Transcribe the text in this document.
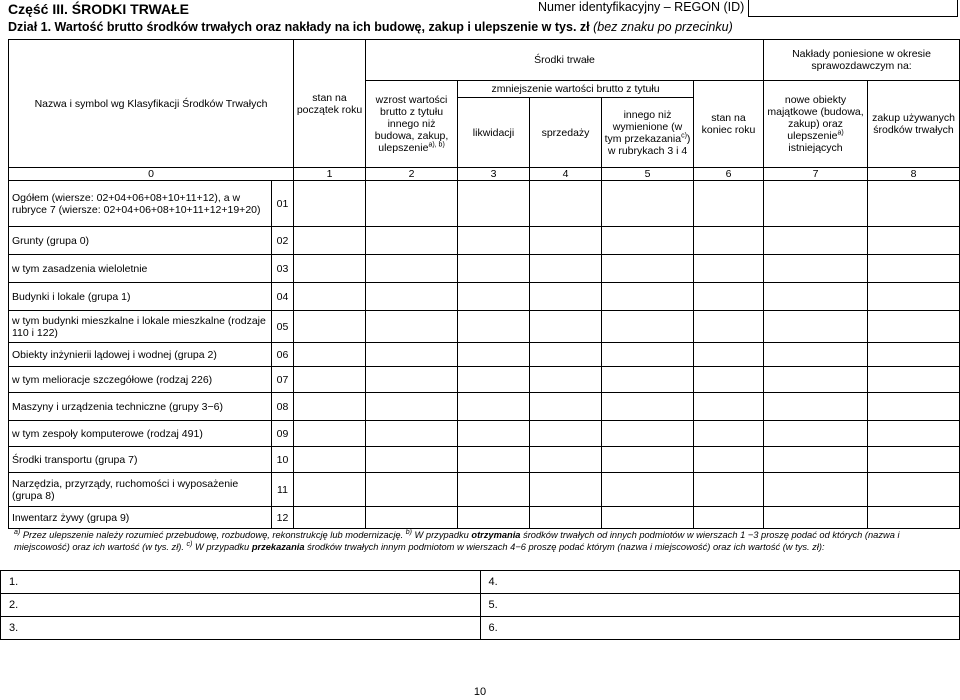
Część III. ŚRODKI TRWAŁE	Numer identyfikacyjny – REGON (ID)
Dział 1. Wartość brutto środków trwałych oraz nakłady na ich budowę, zakup i ulepszenie w tys. zł (bez znaku po przecinku)
Nazwa i symbol wg Klasyfikacji Środków Trwałych		stan na początek roku	Środki trwałe					Nakłady poniesione w okresie sprawozdawczym na:	
			wzrost wartości brutto z tytułu innego niż budowa, zakup, ulepszenie$^{a), b)}$	zmniejszenie wartości brutto z tytułu			stan na koniec roku	nowe obiekty majątkowe (budowa, zakup) oraz ulepszenie$^{a)}$ istniejących	zakup używanych środków trwałych
				likwidacji	sprzedaży	innego niż wymienione (w tym przekazania$^{c)}$)
w rubrykach 3 i 4			
0		1	2	3	4	5	6	7	8
Ogółem (wiersze: 02+04+06+08+10+11+12), a w rubryce 7 (wiersze: 02+04+06+08+10+11+12+19+20)	01								
Grunty (grupa 0)	02								
w tym zasadzenia wieloletnie	03								
Budynki i lokale (grupa 1)	04								
w tym budynki mieszkalne i lokale mieszkalne (rodzaje 110 i 122)	05								
Obiekty inżynierii lądowej i wodnej (grupa 2)	06								
w tym melioracje szczegółowe (rodzaj 226)	07								
Maszyny i urządzenia techniczne (grupy 3−6)	08								
w tym zespoły komputerowe (rodzaj 491)	09								
Środki transportu (grupa 7)	10								
Narzędzia, przyrządy, ruchomości i wyposażenie (grupa 8)	11								
Inwentarz żywy (grupa 9)	12								
$^{a)}$ Przez ulepszenie należy rozumieć przebudowę, rozbudowę, rekonstrukcję lub modernizację. $^{b)}$ W przypadku otrzymania środków trwałych od innych podmiotów w wierszach 1 −3 proszę podać od których (nazwa i miejscowość) oraz ich wartość (w tys. zł). $^{c)}$ W przypadku przekazania środków trwałych innym podmiotom w wierszach 4−6 proszę podać którym (nazwa i miejscowość) oraz ich wartość (w tys. zł):
1.	4.
2.	5.
3.	6.
10
